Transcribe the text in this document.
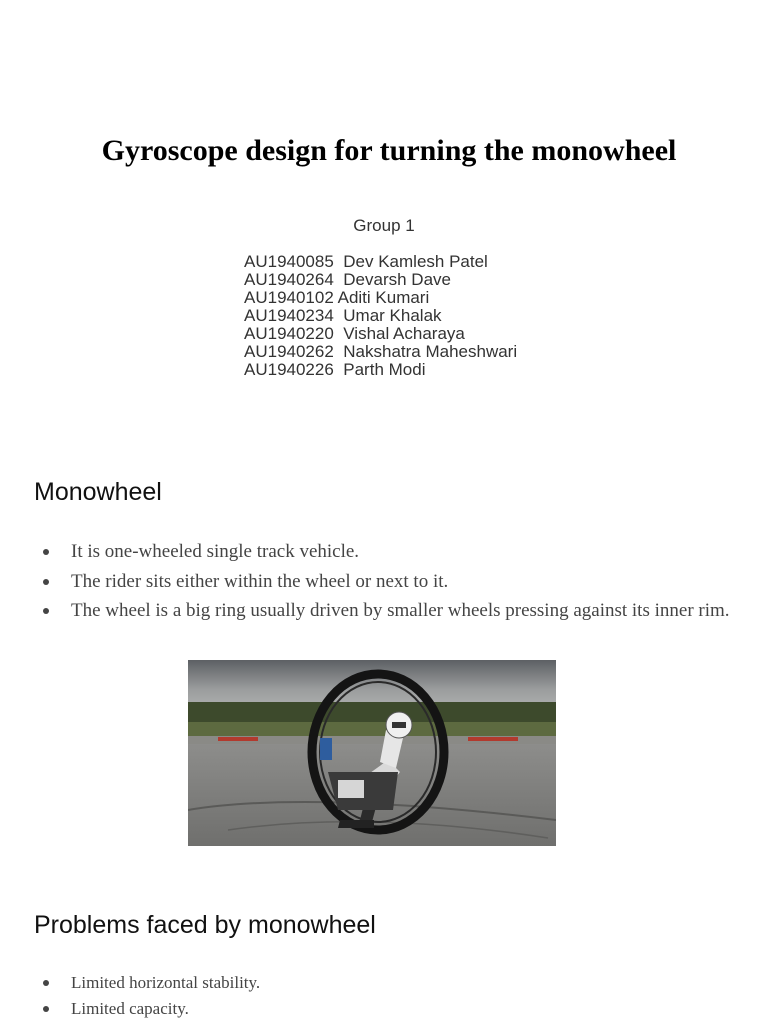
Gyroscope design for turning the monowheel
Group 1
AU1940085 Dev Kamlesh Patel
AU1940264 Devarsh Dave
AU1940102 Aditi Kumari
AU1940234 Umar Khalak
AU1940220 Vishal Acharaya
AU1940262 Nakshatra Maheshwari
AU1940226 Parth Modi
Monowheel
It is one-wheeled single track vehicle.
The rider sits either within the wheel or next to it.
The wheel is a big ring usually driven by smaller wheels pressing against its inner rim.
Problems faced by monowheel
Limited horizontal stability.
Limited capacity.
